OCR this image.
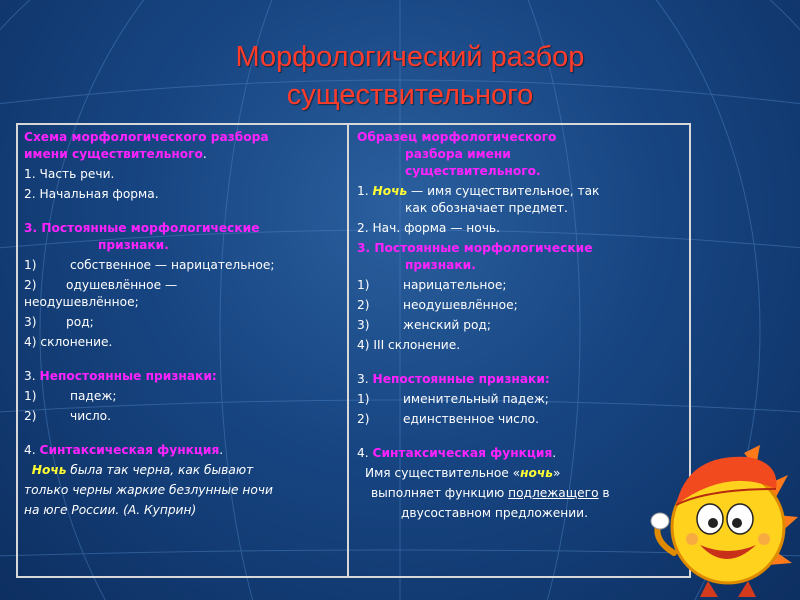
Морфологический разбор
существительного
Схема морфологического разбора
имени существительного.
1. Часть речи.
2. Начальная форма.
3. Постоянные морфологические
признаки.
1)	собственное — нарицательное;
2) одушевлённое —
неодушевлённое;
3) род;
4) склонение.
3. Непостоянные признаки:
1)	падеж;
2)	число.
4. Синтаксическая функция.
Ночь была так черна, как бывают
только черны жаркие безлунные ночи
на юге России. (А. Куприн)
Образец морфологического
разбора имени
существительного.
1. Ночь — имя существительное, так
как обозначает предмет.
2. Нач. форма — ночь.
3. Постоянные морфологические
признаки.
1)	нарицательное;
2)	неодушевлённое;
3)	женский род;
4) III склонение.
3. Непостоянные признаки:
1)	именительный падеж;
2)	единственное число.
4. Синтаксическая функция.
Имя существительное «ночь»
выполняет функцию подлежащего в
двусоставном предложении.
